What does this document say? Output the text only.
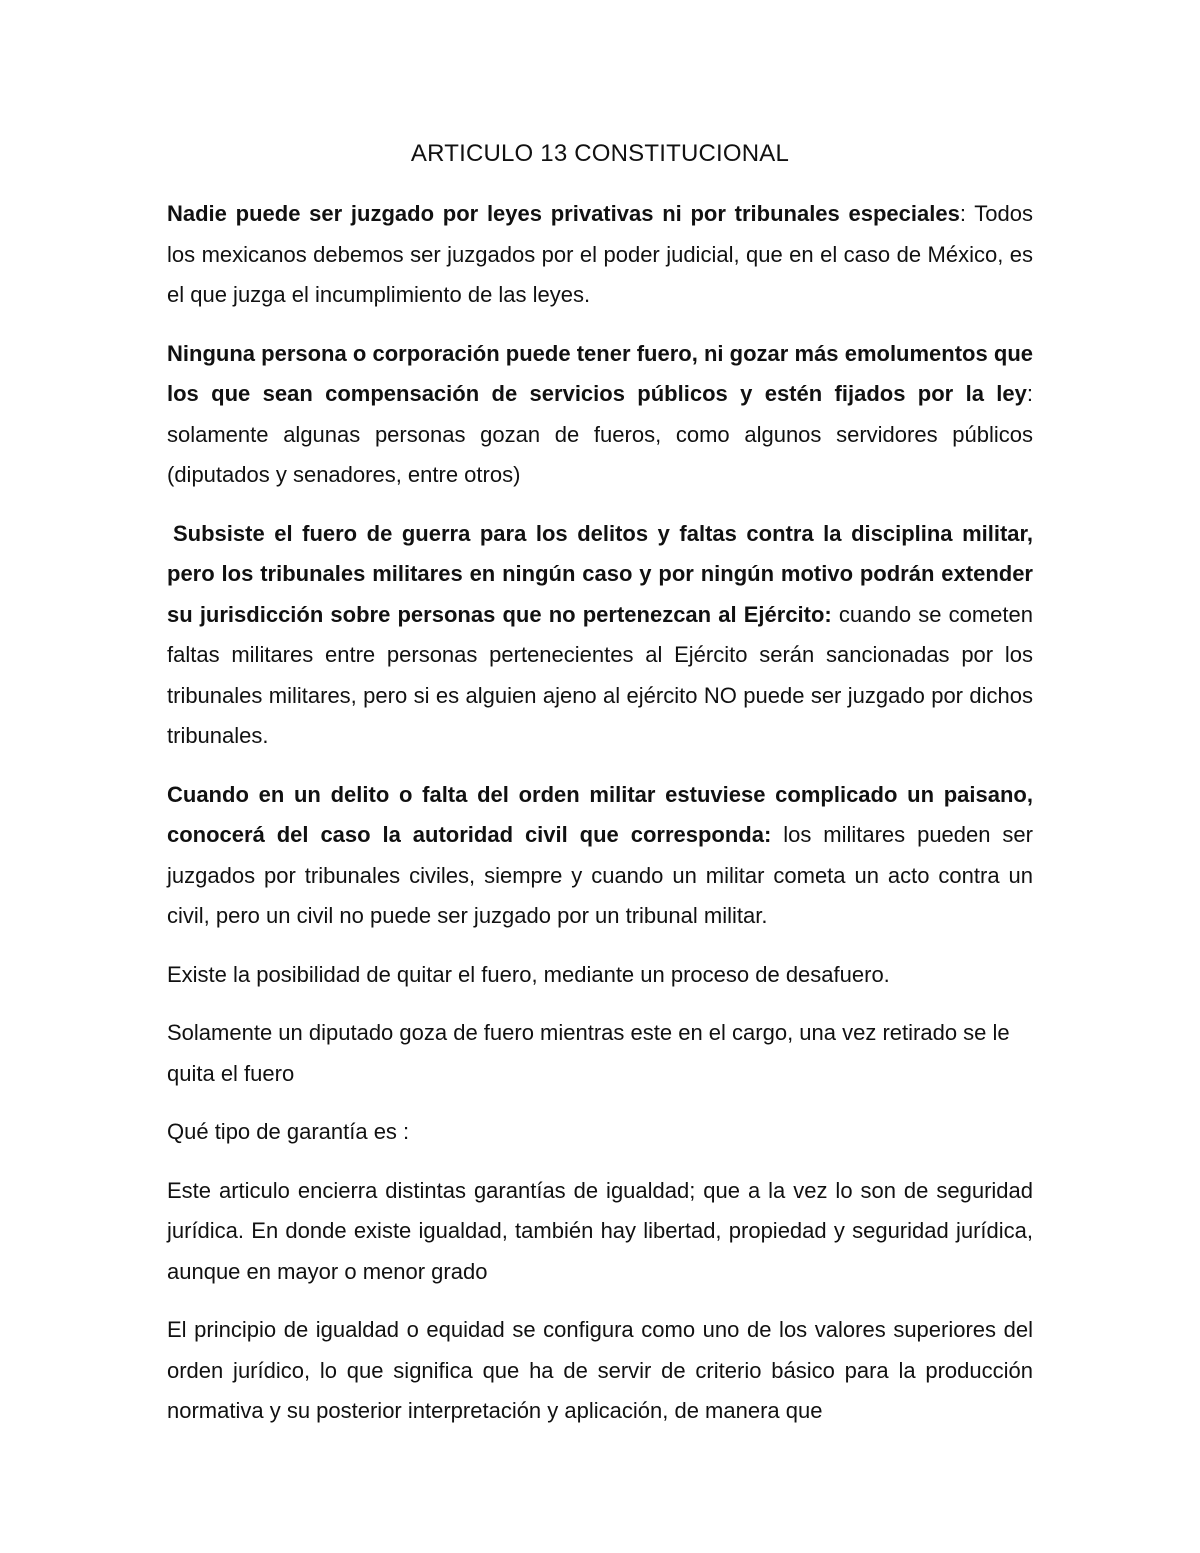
ARTICULO 13 CONSTITUCIONAL

Nadie puede ser juzgado por leyes privativas ni por tribunales especiales: Todos los mexicanos debemos ser juzgados por el poder judicial, que en el caso de México, es el que juzga el incumplimiento de las leyes.

Ninguna persona o corporación puede tener fuero, ni gozar más emolumentos que los que sean compensación de servicios públicos y estén fijados por la ley: solamente algunas personas gozan de fueros, como algunos servidores públicos (diputados y senadores, entre otros)

Subsiste el fuero de guerra para los delitos y faltas contra la disciplina militar, pero los tribunales militares en ningún caso y por ningún motivo podrán extender su jurisdicción sobre personas que no pertenezcan al Ejército: cuando se cometen faltas militares entre personas pertenecientes al Ejército serán sancionadas por los tribunales militares, pero si es alguien ajeno al ejército NO puede ser juzgado por dichos tribunales.

Cuando en un delito o falta del orden militar estuviese complicado un paisano, conocerá del caso la autoridad civil que corresponda: los militares pueden ser juzgados por tribunales civiles, siempre y cuando un militar cometa un acto contra un civil, pero un civil no puede ser juzgado por un tribunal militar.

Existe la posibilidad de quitar el fuero, mediante un proceso de desafuero.

Solamente un diputado goza de fuero mientras este en el cargo, una vez retirado se le quita el fuero

Qué tipo de garantía es :

Este articulo encierra distintas garantías de igualdad; que a la vez lo son de seguridad jurídica. En donde existe igualdad, también hay libertad, propiedad y seguridad jurídica, aunque en mayor o menor grado

El principio de igualdad o equidad se configura como uno de los valores superiores del orden jurídico, lo que significa que ha de servir de criterio básico para la producción normativa y su posterior interpretación y aplicación, de manera que
